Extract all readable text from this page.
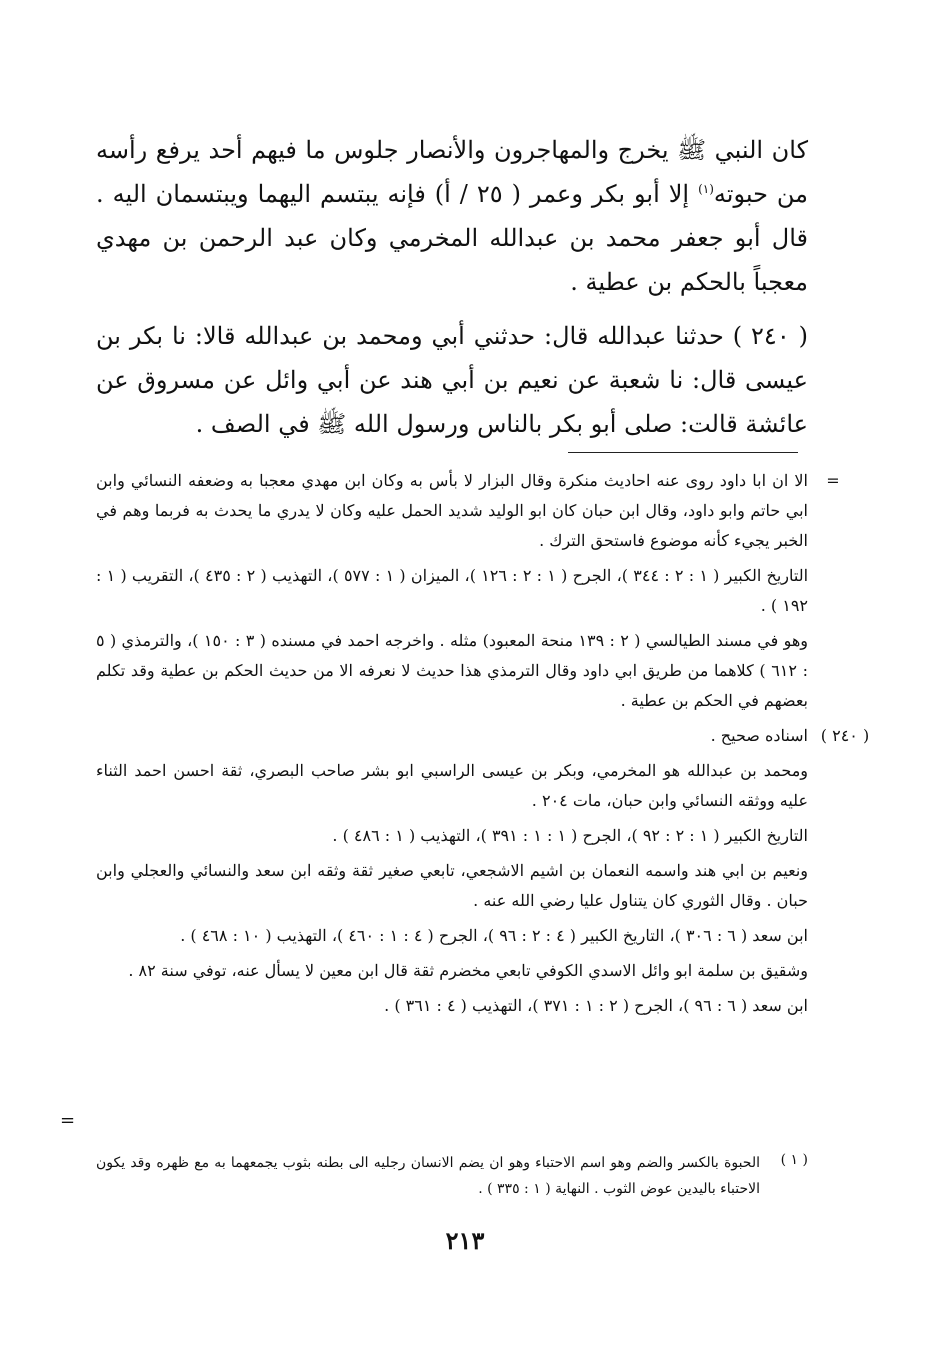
كان النبي ﷺ يخرج والمهاجرون والأنصار جلوس ما فيهم أحد يرفع رأسه من حبوته$^{(١)}$ إلا أبو بكر وعمر ( ٢٥ / أ) فإنه يبتسم اليهما ويبتسمان اليه . قال أبو جعفر محمد بن عبدالله المخرمي وكان عبد الرحمن بن مهدي معجباً بالحكم بن عطية .

( ٢٤٠ ) حدثنا عبدالله قال: حدثني أبي ومحمد بن عبدالله قالا: نا بكر بن عيسى قال: نا شعبة عن نعيم بن أبي هند عن أبي وائل عن مسروق عن عائشة قالت: صلى أبو بكر بالناس ورسول الله ﷺ في الصف .

=
الا ان ابا داود روى عنه احاديث منكرة وقال البزار لا بأس به وكان ابن مهدي معجبا به وضعفه النسائي وابن ابي حاتم وابو داود، وقال ابن حبان كان ابو الوليد شديد الحمل عليه وكان لا يدري ما يحدث به فربما وهم في الخبر يجيء كأنه موضوع فاستحق الترك .
التاريخ الكبير ( ١ : ٢ : ٣٤٤ )، الجرح ( ١ : ٢ : ١٢٦ )، الميزان ( ١ : ٥٧٧ )، التهذيب ( ٢ : ٤٣٥ )، التقريب ( ١ : ١٩٢ ) .
وهو في مسند الطيالسي ( ٢ : ١٣٩ منحة المعبود) مثله . واخرجه احمد في مسنده ( ٣ : ١٥٠ )، والترمذي ( ٥ : ٦١٢ ) كلاهما من طريق ابي داود وقال الترمذي هذا حديث لا نعرفه الا من حديث الحكم بن عطية وقد تكلم بعضهم في الحكم بن عطية .
( ٢٤٠ )
اسناده صحيح .
ومحمد بن عبدالله هو المخرمي، وبكر بن عيسى الراسبي ابو بشر صاحب البصري، ثقة احسن احمد الثناء عليه ووثقه النسائي وابن حبان، مات ٢٠٤ .
التاريخ الكبير ( ١ : ٢ : ٩٢ )، الجرح ( ١ : ١ : ٣٩١ )، التهذيب ( ١ : ٤٨٦ ) .
ونعيم بن ابي هند واسمه النعمان بن اشيم الاشجعي، تابعي صغير ثقة وثقه ابن سعد والنسائي والعجلي وابن حبان . وقال الثوري كان يتناول عليا رضي الله عنه .
ابن سعد ( ٦ : ٣٠٦ )، التاريخ الكبير ( ٤ : ٢ : ٩٦ )، الجرح ( ٤ : ١ : ٤٦٠ )، التهذيب ( ١٠ : ٤٦٨ ) .
وشقيق بن سلمة ابو وائل الاسدي الكوفي تابعي مخضرم ثقة قال ابن معين لا يسأل عنه، توفي سنة ٨٢ .
ابن سعد ( ٦ : ٩٦ )، الجرح ( ٢ : ١ : ٣٧١ )، التهذيب ( ٤ : ٣٦١ ) .
=
( ١ )
الحبوة بالكسر والضم وهو اسم الاحتباء وهو ان يضم الانسان رجليه الى بطنه بثوب يجمعهما به مع ظهره وقد يكون الاحتباء باليدين عوض الثوب . النهاية ( ١ : ٣٣٥ ) .
٢١٣
